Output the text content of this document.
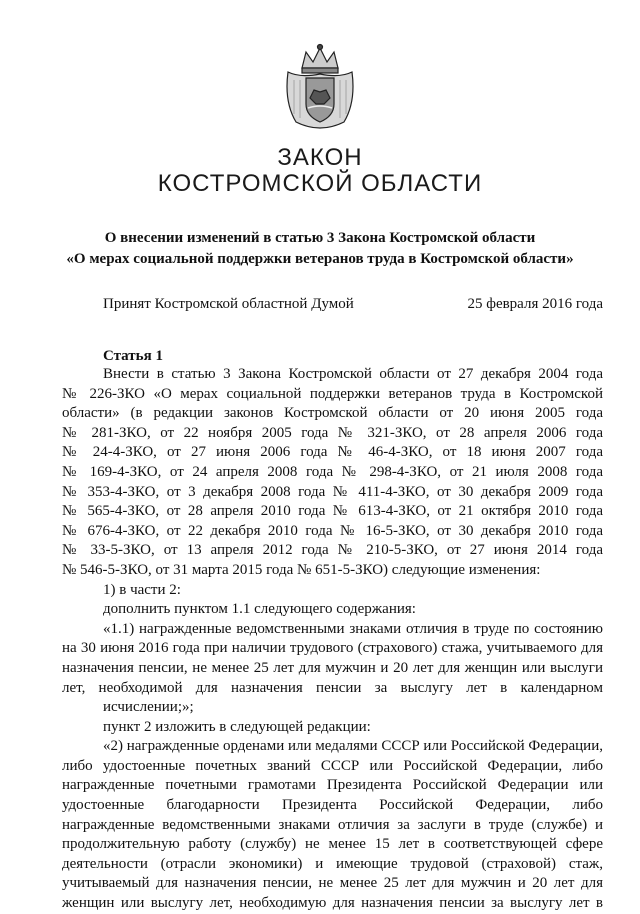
ЗАКОН
КОСТРОМСКОЙ ОБЛАСТИ
О внесении изменений в статью 3 Закона Костромской области
«О мерах социальной поддержки ветеранов труда в Костромской области»
Принят Костромской областной Думой	25 февраля 2016 года
Статья 1

Внести в статью 3 Закона Костромской области от 27 декабря 2004 года

№ 226-ЗКО «О мерах социальной поддержки ветеранов труда в Костромской

области» (в редакции законов Костромской области от 20 июня 2005 года

№ 281-ЗКО, от 22 ноября 2005 года № 321-ЗКО, от 28 апреля 2006 года

№ 24-4-ЗКО, от 27 июня 2006 года № 46-4-ЗКО, от 18 июня 2007 года

№ 169-4-ЗКО, от 24 апреля 2008 года № 298-4-ЗКО, от 21 июля 2008 года

№ 353-4-ЗКО, от 3 декабря 2008 года № 411-4-ЗКО, от 30 декабря 2009 года

№ 565-4-ЗКО, от 28 апреля 2010 года № 613-4-ЗКО, от 21 октября 2010 года

№ 676-4-ЗКО, от 22 декабря 2010 года № 16-5-ЗКО, от 30 декабря 2010 года

№ 33-5-ЗКО, от 13 апреля 2012 года № 210-5-ЗКО, от 27 июня 2014 года

№ 546-5-ЗКО, от 31 марта 2015 года № 651-5-ЗКО) следующие изменения:

1) в части 2:

дополнить пунктом 1.1 следующего содержания:

«1.1) награжденные ведомственными знаками отличия в труде по состоянию

на 30 июня 2016 года при наличии трудового (страхового) стажа, учитываемого для

назначения пенсии, не менее 25 лет для мужчин и 20 лет для женщин или выслуги

лет, необходимой для назначения пенсии за выслугу лет в календарном

исчислении;»;

пункт 2 изложить в следующей редакции:

«2) награжденные орденами или медалями СССР или Российской Федерации,

либо удостоенные почетных званий СССР или Российской Федерации, либо

награжденные почетными грамотами Президента Российской Федерации или

удостоенные благодарности Президента Российской Федерации, либо

награжденные ведомственными знаками отличия за заслуги в труде (службе) и

продолжительную работу (службу) не менее 15 лет в соответствующей сфере

деятельности (отрасли экономики) и имеющие трудовой (страховой) стаж,

учитываемый для назначения пенсии, не менее 25 лет для мужчин и 20 лет для

женщин или выслугу лет, необходимую для назначения пенсии за выслугу лет в
